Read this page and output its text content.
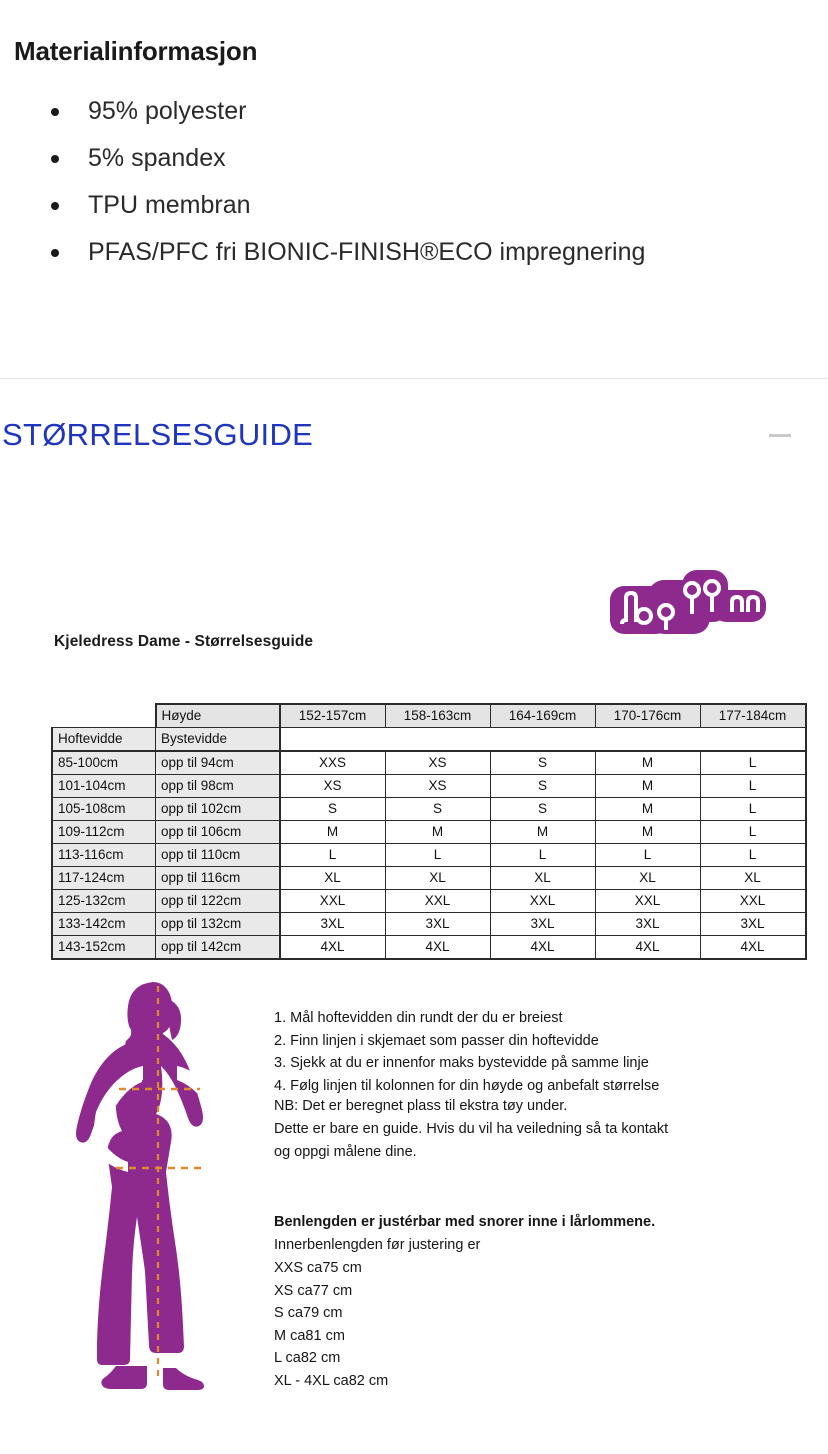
Materialinformasjon
95% polyester
5% spandex
TPU membran
PFAS/PFC fri BIONIC-FINISH®ECO impregnering
STØRRELSESGUIDE
Kjeledress Dame - Størrelsesguide
	Høyde	152-157cm	158-163cm	164-169cm	170-176cm	177-184cm
Hoftevidde	Bystevidde					
85-100cm	opp til 94cm	XXS	XS	S	M	L
101-104cm	opp til 98cm	XS	XS	S	M	L
105-108cm	opp til 102cm	S	S	S	M	L
109-112cm	opp til 106cm	M	M	M	M	L
113-116cm	opp til 110cm	L	L	L	L	L
117-124cm	opp til 116cm	XL	XL	XL	XL	XL
125-132cm	opp til 122cm	XXL	XXL	XXL	XXL	XXL
133-142cm	opp til 132cm	3XL	3XL	3XL	3XL	3XL
143-152cm	opp til 142cm	4XL	4XL	4XL	4XL	4XL
1. Mål hoftevidden din rundt der du er breiest
2. Finn linjen i skjemaet som passer din hoftevidde
3. Sjekk at du er innenfor maks bystevidde på samme linje
4. Følg linjen til kolonnen for din høyde og anbefalt størrelse

NB: Det er beregnet plass til ekstra tøy under.

Dette er bare en guide. Hvis du vil ha veiledning så ta kontakt

og oppgi målene dine.

Benlengden er justérbar med snorer inne i lårlommene.
Innerbenlengden før justering er
XXS ca75 cm
XS ca77 cm
S ca79 cm
M ca81 cm
L ca82 cm
XL - 4XL ca82 cm
